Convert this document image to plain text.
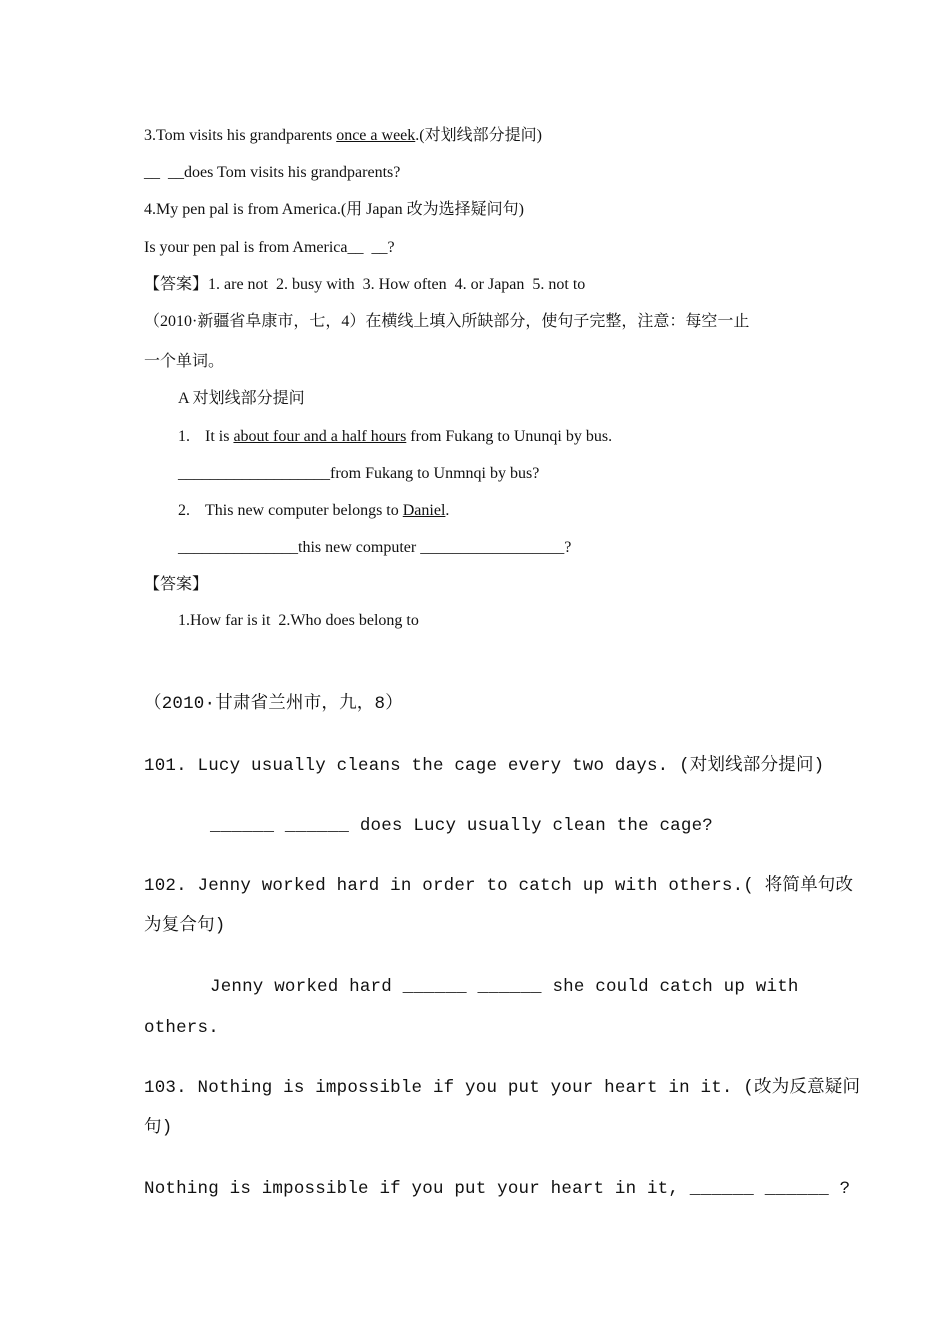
3.Tom visits his grandparents once a week.(对划线部分提问)
__  __does Tom visits his grandparents?
4.My pen pal is from America.(用 Japan 改为选择疑问句)
Is your pen pal is from America__  __?
【答案】1. are not  2. busy with  3. How often  4. or Japan  5. not to
（2010·新疆省阜康市，七，4）在横线上填入所缺部分，使句子完整，注意：每空一止
一个单词。
A 对划线部分提问
1. It is about four and a half hours from Fukang to Ununqi by bus.
___________________from Fukang to Unmnqi by bus?
2. This new computer belongs to Daniel.
_______________this new computer __________________?
【答案】
1.How far is it  2.Who does belong to
（2010·甘肃省兰州市，九，8）
101. Lucy usually cleans the cage every two days. (对划线部分提问)
______ ______ does Lucy usually clean the cage?
102. Jenny worked hard in order to catch up with others.( 将简单句改
为复合句)
Jenny worked hard ______ ______ she could catch up with
others.
103. Nothing is impossible if you put your heart in it. (改为反意疑问
句)
Nothing is impossible if you put your heart in it, ______ ______ ?
